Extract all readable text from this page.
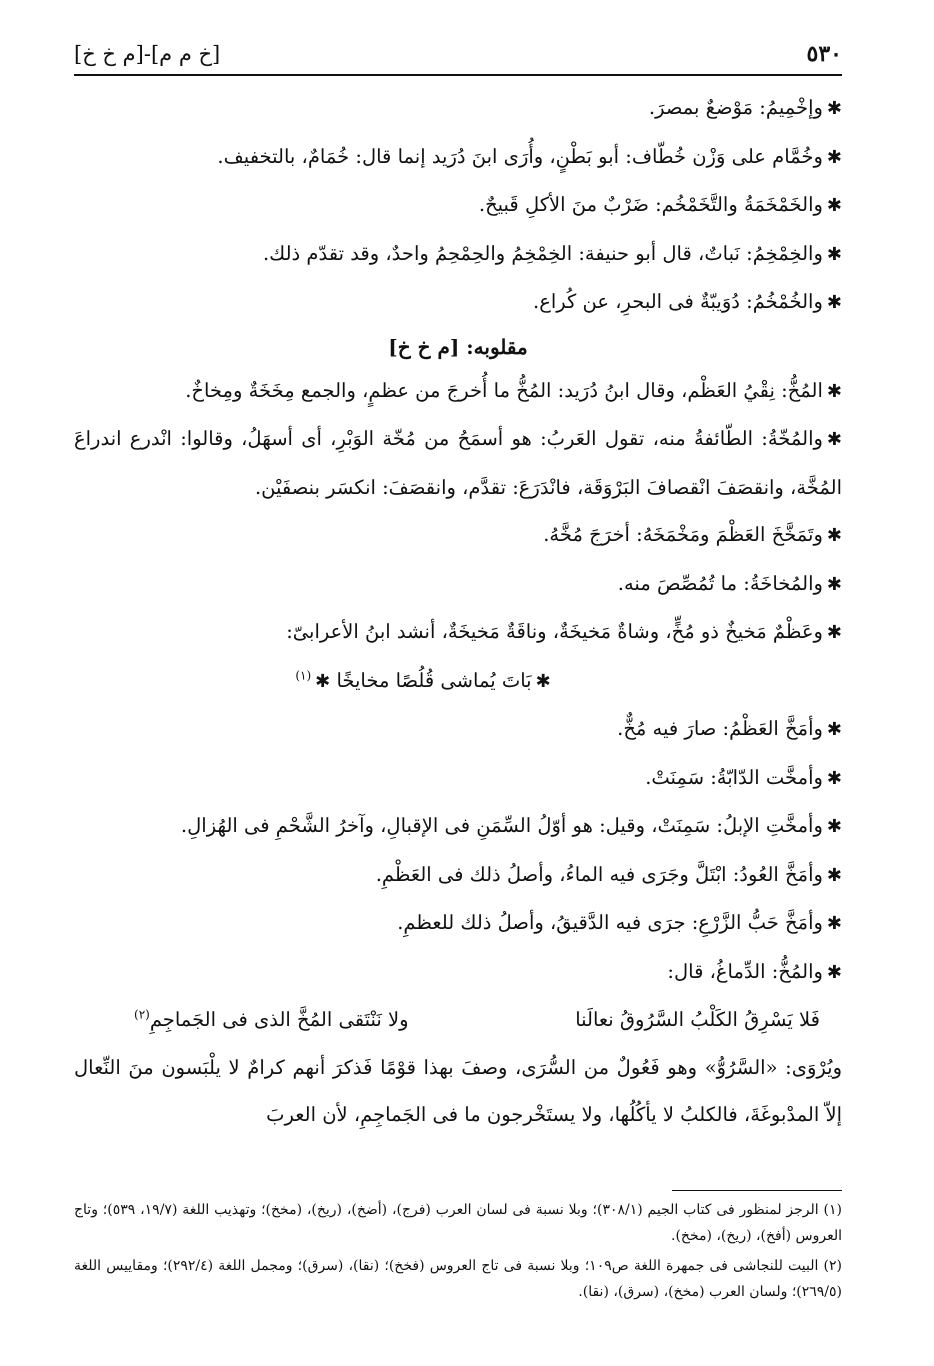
٥٣٠
[خ م م]-[م خ خ]

✱وإخْمِيمُ: مَوْضعٌ بمصرَ.

✱وخُمَّام على وَزْن خُطّاف: أبو بَطْنٍ، وأُرَى ابنَ دُرَيد إنما قال: خُمَامٌ، بالتخفيف.

✱والخَمْخَمَةُ والتَّخَمْخُم: ضَرْبٌ منَ الأكلِ قَبيحٌ.

✱والخِمْخِمُ: نَباتٌ، قال أبو حنيفة: الخِمْخِمُ والحِمْحِمُ واحدٌ، وقد تقدّم ذلك.

✱والخُمْخُمُ: دُوَيبّةٌ فى البحرِ، عن كُراع.

مقلوبه: [م خ خ]

✱المُخُّ: نِقْيُ العَظْم، وقال ابنُ دُرَيد: المُخُّ ما أُخرجَ من عظمٍ، والجمع مِخَخَةٌ ومِخاخٌ.

✱والمُخّةُ: الطّائفةُ منه، تقول العَربُ: هو أسمَحُ من مُخّة الوَبْرِ، أى أسهَلُ، وقالوا: انْدرع اندراعَ المُخَّة، وانقصَفَ انْقصافَ البَرْوَقَة، فانْدَرَعَ: تقدَّم، وانقصَفَ: انكسَر بنصفَيْن.

✱وتَمَخَّخَ العَظْمَ ومَخْمَخَهُ: أخرَجَ مُخَّهُ.

✱والمُخاخَةُ: ما تُمُصِّصَ منه.

✱وعَظْمٌ مَخيخٌ ذو مُخٍّ، وشاةٌ مَخيخَةٌ، وناقَةٌ مَخيخَةٌ، أنشد ابنُ الأعرابىّ:

✱بَاتَ يُماشى قُلُصًا مخايخًا ✱$^{(١)}$

✱وأمَخَّ العَظْمُ: صارَ فيه مُخٌّ.

✱وأمخَّت الدّابّةُ: سَمِنَتْ.

✱وأمخَّتِ الإبلُ: سَمِنَتْ، وقيل: هو أوّلُ السِّمَنِ فى الإقبالِ، وآخرُ الشَّحْمِ فى الهُزالِ.

✱وأمَخَّ العُودُ: ابْتَلَّ وجَرَى فيه الماءُ، وأصلُ ذلك فى العَظْمِ.

✱وأمَخَّ حَبُّ الزَّرْعِ: جرَى فيه الدَّقيقُ، وأصلُ ذلك للعظمِ.

✱والمُخُّ: الدِّماغُ، قال:

فَلا يَسْرِقُ الكَلْبُ السَّرُوقُ نعالَنا
ولا نَنْتَقى المُخَّ الذى فى الجَماجِمِ$^{(٢)}$

ويُرْوَى: «السَّرُوُّ» وهو فَعُولٌ من السُّرَى، وصفَ بهذا قوْمًا فَذكرَ أنهم كرامٌ لا يلْبَسون منَ النِّعال إلاّ المدْبوغَةَ، فالكلبُ لا يأكُلُها، ولا يستَخْرجون ما فى الجَماجِمِ، لأن العربَ

(١) الرجز لمنظور فى كتاب الجيم (٣٠٨/١)؛ وبلا نسبة فى لسان العرب (فرج)، (أضخ)، (ريخ)، (مخخ)؛ وتهذيب اللغة (١٩/٧، ٥٣٩)؛ وتاج العروس (أفخ)، (ريخ)، (مخخ).

(٢) البيت للنجاشى فى جمهرة اللغة ص١٠٩؛ وبلا نسبة فى تاج العروس (فخخ)؛ (نقا)، (سرق)؛ ومجمل اللغة (٢٩٢/٤)؛ ومقاييس اللغة (٢٦٩/٥)؛ ولسان العرب (مخخ)، (سرق)، (نقا).
